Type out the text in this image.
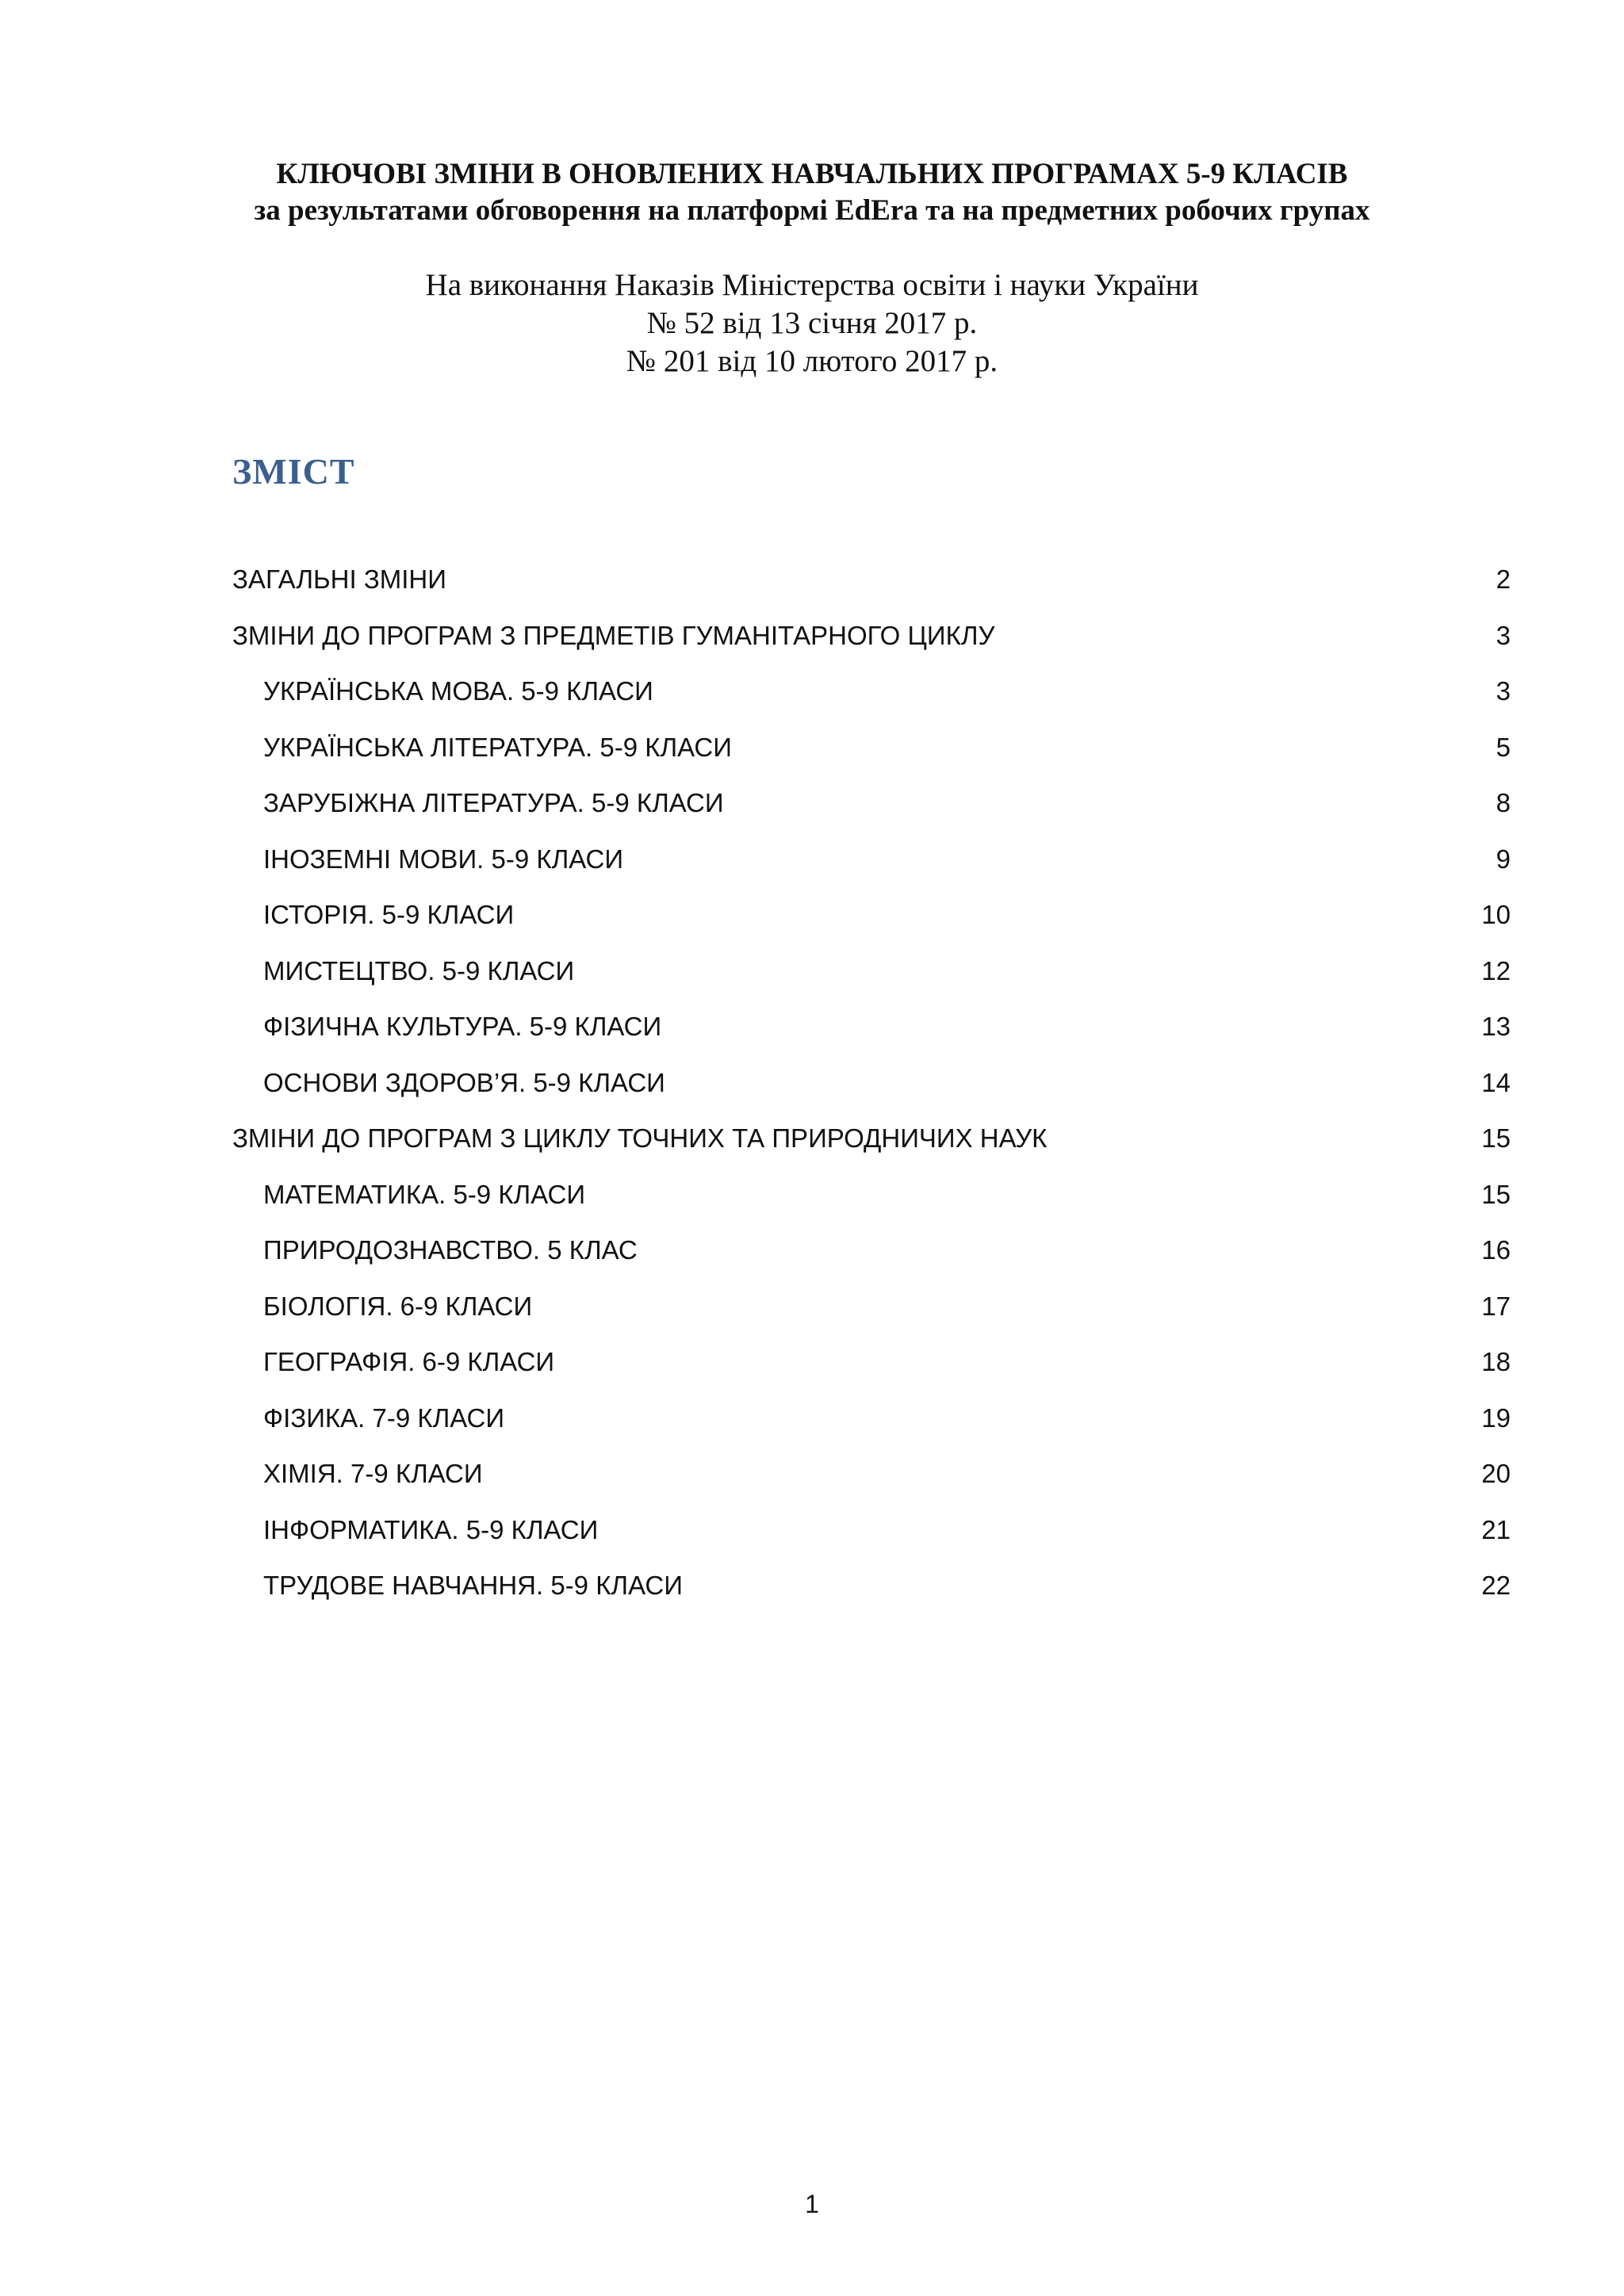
КЛЮЧОВІ ЗМІНИ В ОНОВЛЕНИХ НАВЧАЛЬНИХ ПРОГРАМАХ 5-9 КЛАСІВ
за результатами обговорення на платформі EdEra та на предметних робочих групах
На виконання Наказів Міністерства освіти і науки України
№ 52 від 13 січня 2017 р.
№ 201 від 10 лютого 2017 р.
ЗМІСТ
ЗАГАЛЬНІ ЗМІНИ	2
ЗМІНИ ДО ПРОГРАМ З ПРЕДМЕТІВ ГУМАНІТАРНОГО ЦИКЛУ	3
УКРАЇНСЬКА МОВА. 5-9 КЛАСИ	3
УКРАЇНСЬКА ЛІТЕРАТУРА. 5-9 КЛАСИ	5
ЗАРУБІЖНА ЛІТЕРАТУРА. 5-9 КЛАСИ	8
ІНОЗЕМНІ МОВИ. 5-9 КЛАСИ	9
ІСТОРІЯ. 5-9 КЛАСИ	10
МИСТЕЦТВО. 5-9 КЛАСИ	12
ФІЗИЧНА КУЛЬТУРА. 5-9 КЛАСИ	13
ОСНОВИ ЗДОРОВ’Я. 5-9 КЛАСИ	14
ЗМІНИ ДО ПРОГРАМ З ЦИКЛУ ТОЧНИХ ТА ПРИРОДНИЧИХ НАУК	15
МАТЕМАТИКА. 5-9 КЛАСИ	15
ПРИРОДОЗНАВСТВО. 5 КЛАС	16
БІОЛОГІЯ. 6-9 КЛАСИ	17
ГЕОГРАФІЯ. 6-9 КЛАСИ	18
ФІЗИКА. 7-9 КЛАСИ	19
ХІМІЯ. 7-9 КЛАСИ	20
ІНФОРМАТИКА. 5-9 КЛАСИ	21
ТРУДОВЕ НАВЧАННЯ. 5-9 КЛАСИ	22
1
